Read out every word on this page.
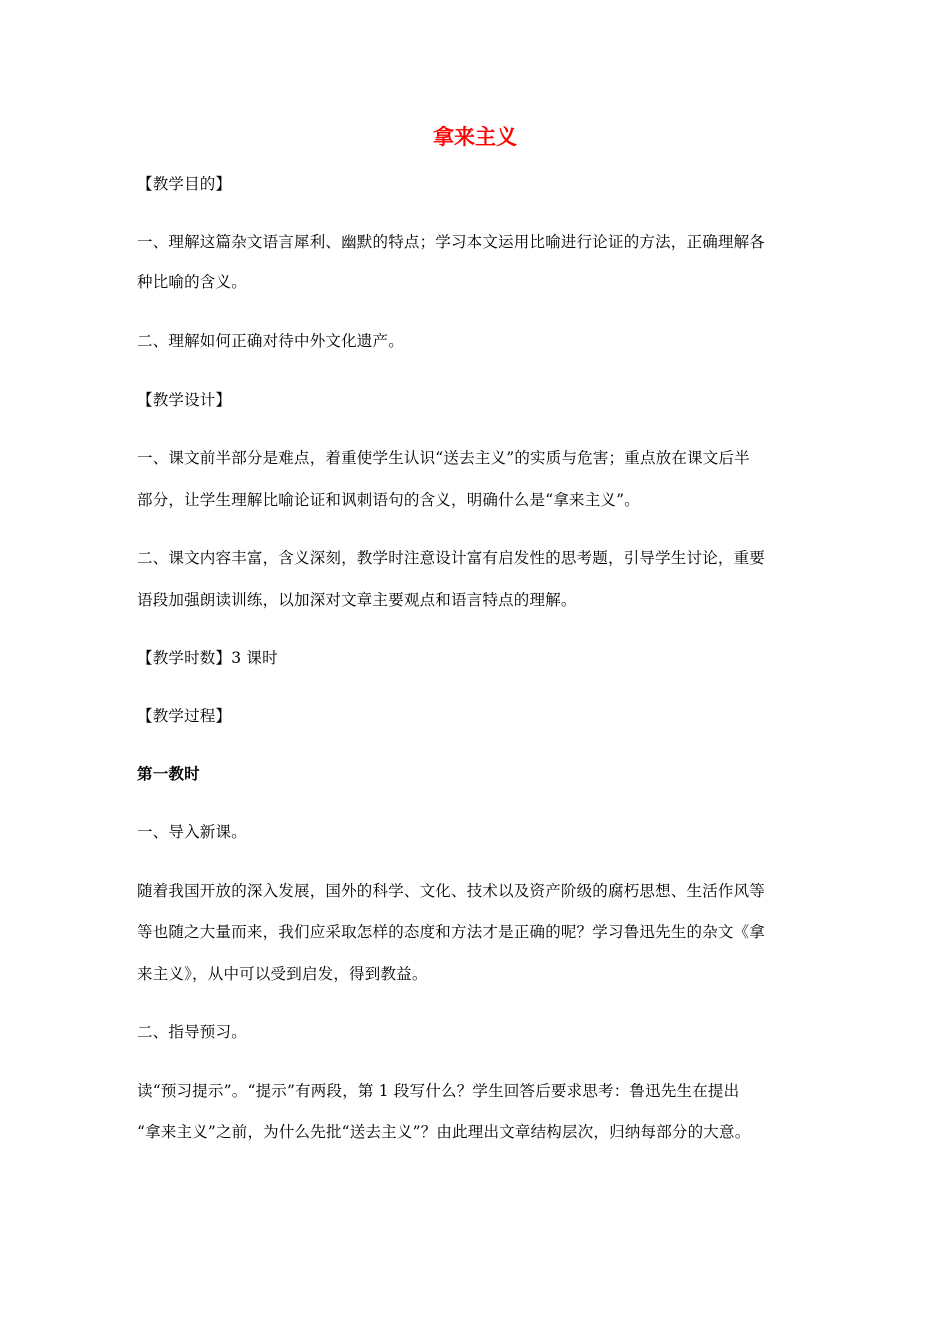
拿来主义
【教学目的】
一、理解这篇杂文语言犀利、幽默的特点；学习本文运用比喻进行论证的方法，正确理解各
种比喻的含义。
二、理解如何正确对待中外文化遗产。
【教学设计】
一、课文前半部分是难点，着重使学生认识“送去主义”的实质与危害；重点放在课文后半
部分，让学生理解比喻论证和讽刺语句的含义，明确什么是“拿来主义”。
二、课文内容丰富，含义深刻，教学时注意设计富有启发性的思考题，引导学生讨论，重要
语段加强朗读训练，以加深对文章主要观点和语言特点的理解。
【教学时数】3 课时
【教学过程】
第一教时
一、导入新课。
随着我国开放的深入发展，国外的科学、文化、技术以及资产阶级的腐朽思想、生活作风等
等也随之大量而来，我们应采取怎样的态度和方法才是正确的呢？学习鲁迅先生的杂文《拿
来主义》，从中可以受到启发，得到教益。
二、指导预习。
读“预习提示”。“提示”有两段，第 1 段写什么？学生回答后要求思考：鲁迅先生在提出
“拿来主义”之前，为什么先批“送去主义”？由此理出文章结构层次，归纳每部分的大意。
